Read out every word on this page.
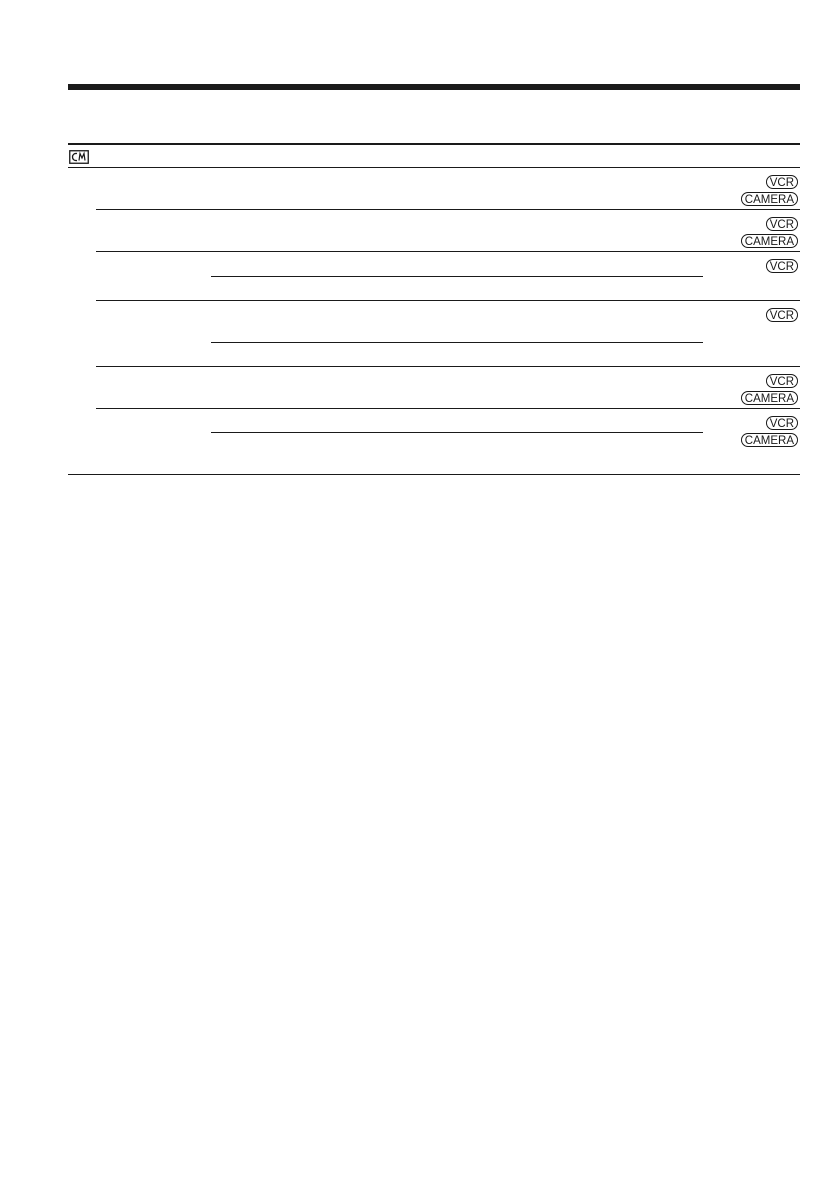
VCR
CAMERA
VCR
CAMERA
VCR
VCR
VCR
CAMERA
VCR
CAMERA
